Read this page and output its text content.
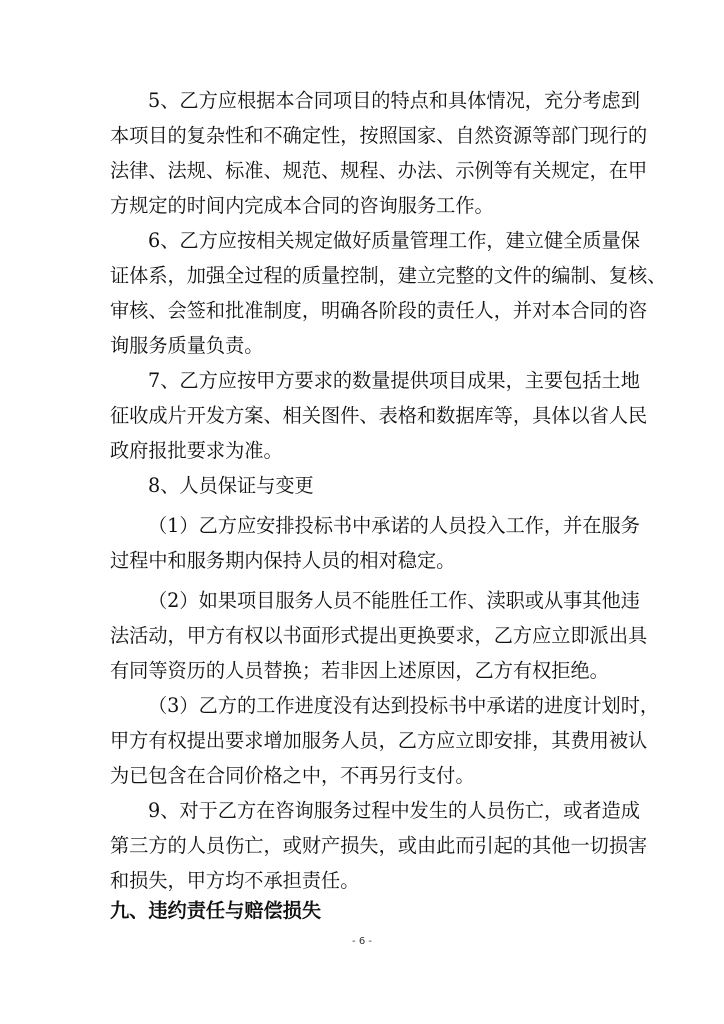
5、乙方应根据本合同项目的特点和具体情况，充分考虑到
本项目的复杂性和不确定性，按照国家、自然资源等部门现行的
法律、法规、标准、规范、规程、办法、示例等有关规定，在甲
方规定的时间内完成本合同的咨询服务工作。
6、乙方应按相关规定做好质量管理工作，建立健全质量保
证体系，加强全过程的质量控制，建立完整的文件的编制、复核、
审核、会签和批准制度，明确各阶段的责任人，并对本合同的咨
询服务质量负责。
7、乙方应按甲方要求的数量提供项目成果，主要包括土地
征收成片开发方案、相关图件、表格和数据库等，具体以省人民
政府报批要求为准。
8、人员保证与变更
（1）乙方应安排投标书中承诺的人员投入工作，并在服务
过程中和服务期内保持人员的相对稳定。
（2）如果项目服务人员不能胜任工作、渎职或从事其他违
法活动，甲方有权以书面形式提出更换要求，乙方应立即派出具
有同等资历的人员替换；若非因上述原因，乙方有权拒绝。
（3）乙方的工作进度没有达到投标书中承诺的进度计划时，
甲方有权提出要求增加服务人员，乙方应立即安排，其费用被认
为已包含在合同价格之中，不再另行支付。
9、对于乙方在咨询服务过程中发生的人员伤亡，或者造成
第三方的人员伤亡，或财产损失，或由此而引起的其他一切损害
和损失，甲方均不承担责任。
九、违约责任与赔偿损失
- 6 -
